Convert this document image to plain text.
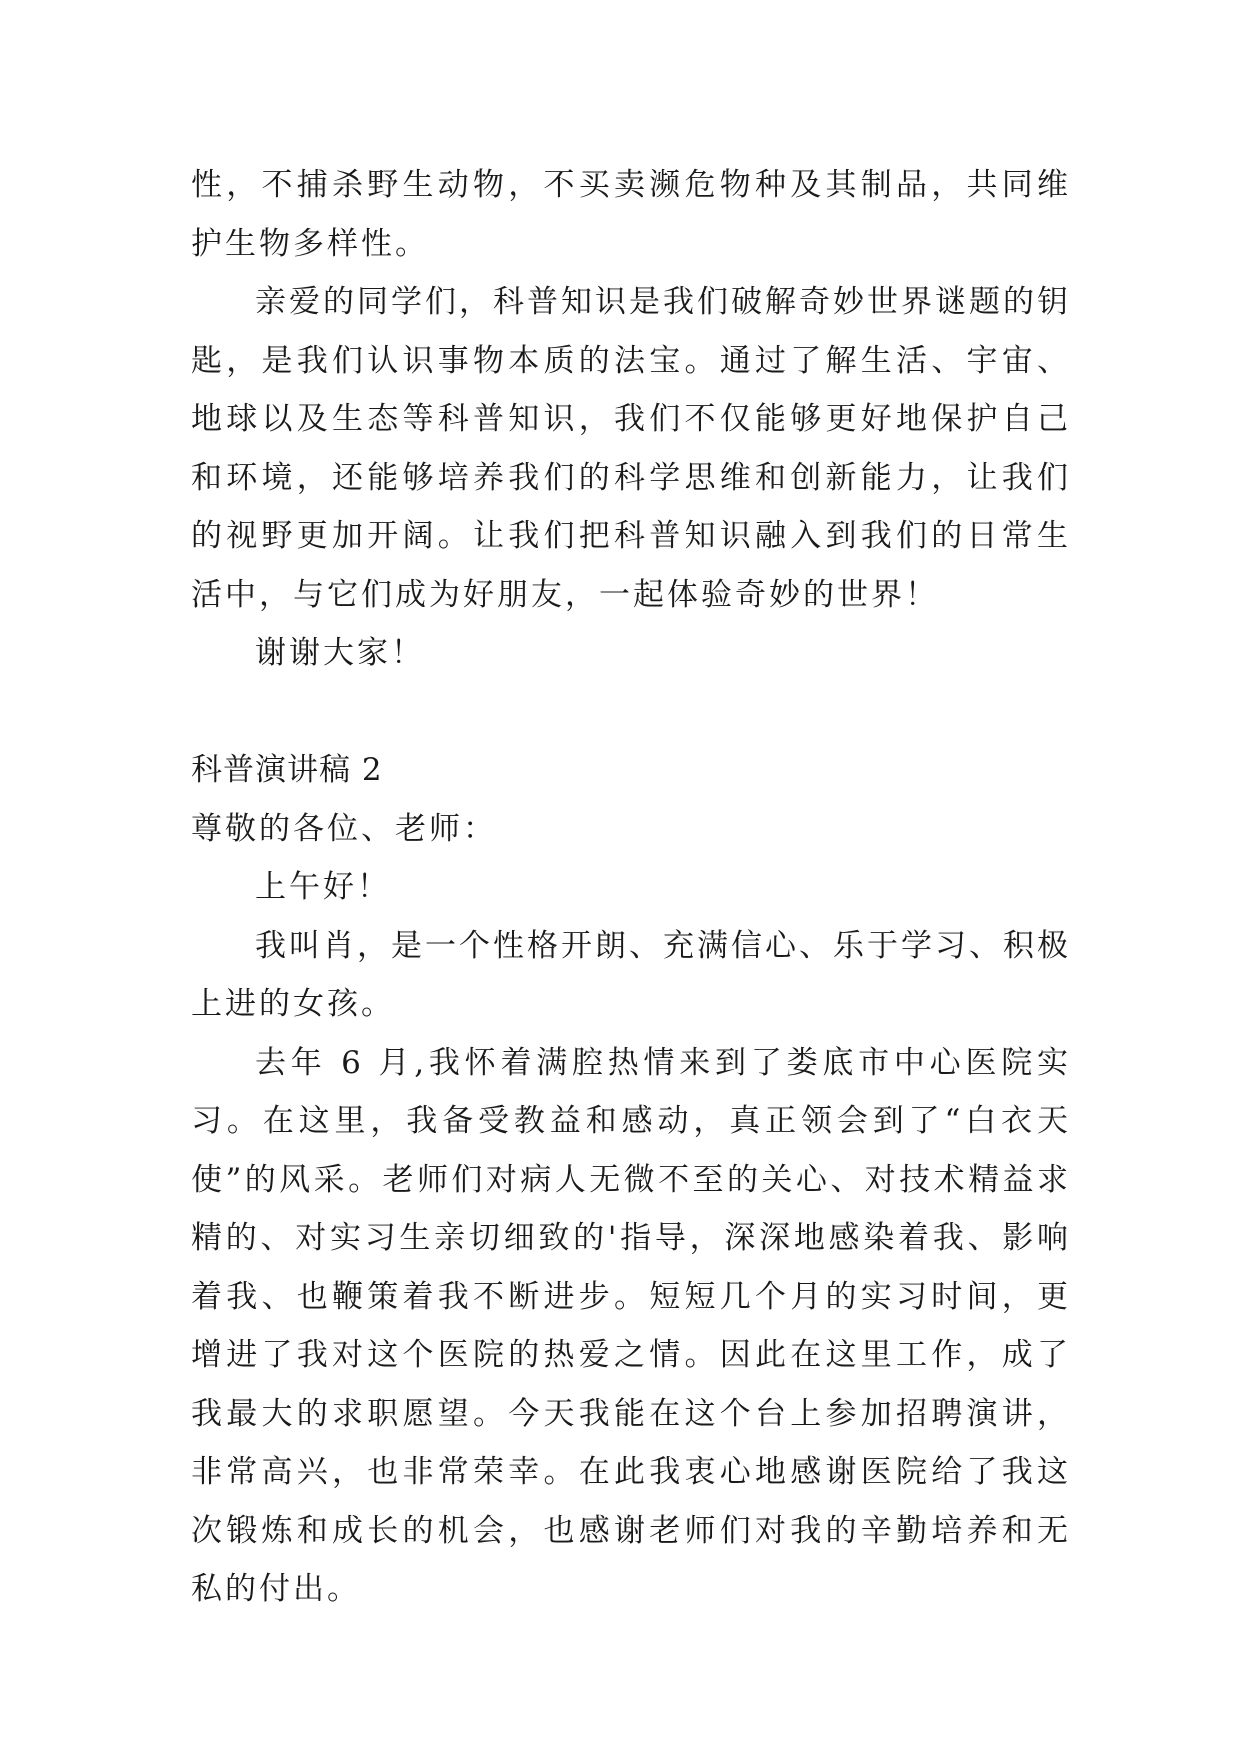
性，不捕杀野生动物，不买卖濒危物种及其制品，共同维护生物多样性。

亲爱的同学们，科普知识是我们破解奇妙世界谜题的钥匙，是我们认识事物本质的法宝。通过了解生活、宇宙、地球以及生态等科普知识，我们不仅能够更好地保护自己和环境，还能够培养我们的科学思维和创新能力，让我们的视野更加开阔。让我们把科普知识融入到我们的日常生活中，与它们成为好朋友，一起体验奇妙的世界！

谢谢大家！

科普演讲稿 2

尊敬的各位、老师：

上午好！

我叫肖，是一个性格开朗、充满信心、乐于学习、积极上进的女孩。

去年 6 月,我怀着满腔热情来到了娄底市中心医院实习。在这里，我备受教益和感动，真正领会到了“白衣天使”的风采。老师们对病人无微不至的关心、对技术精益求精的、对实习生亲切细致的'指导，深深地感染着我、影响着我、也鞭策着我不断进步。短短几个月的实习时间，更增进了我对这个医院的热爱之情。因此在这里工作，成了我最大的求职愿望。今天我能在这个台上参加招聘演讲，非常高兴，也非常荣幸。在此我衷心地感谢医院给了我这次锻炼和成长的机会，也感谢老师们对我的辛勤培养和无私的付出。
